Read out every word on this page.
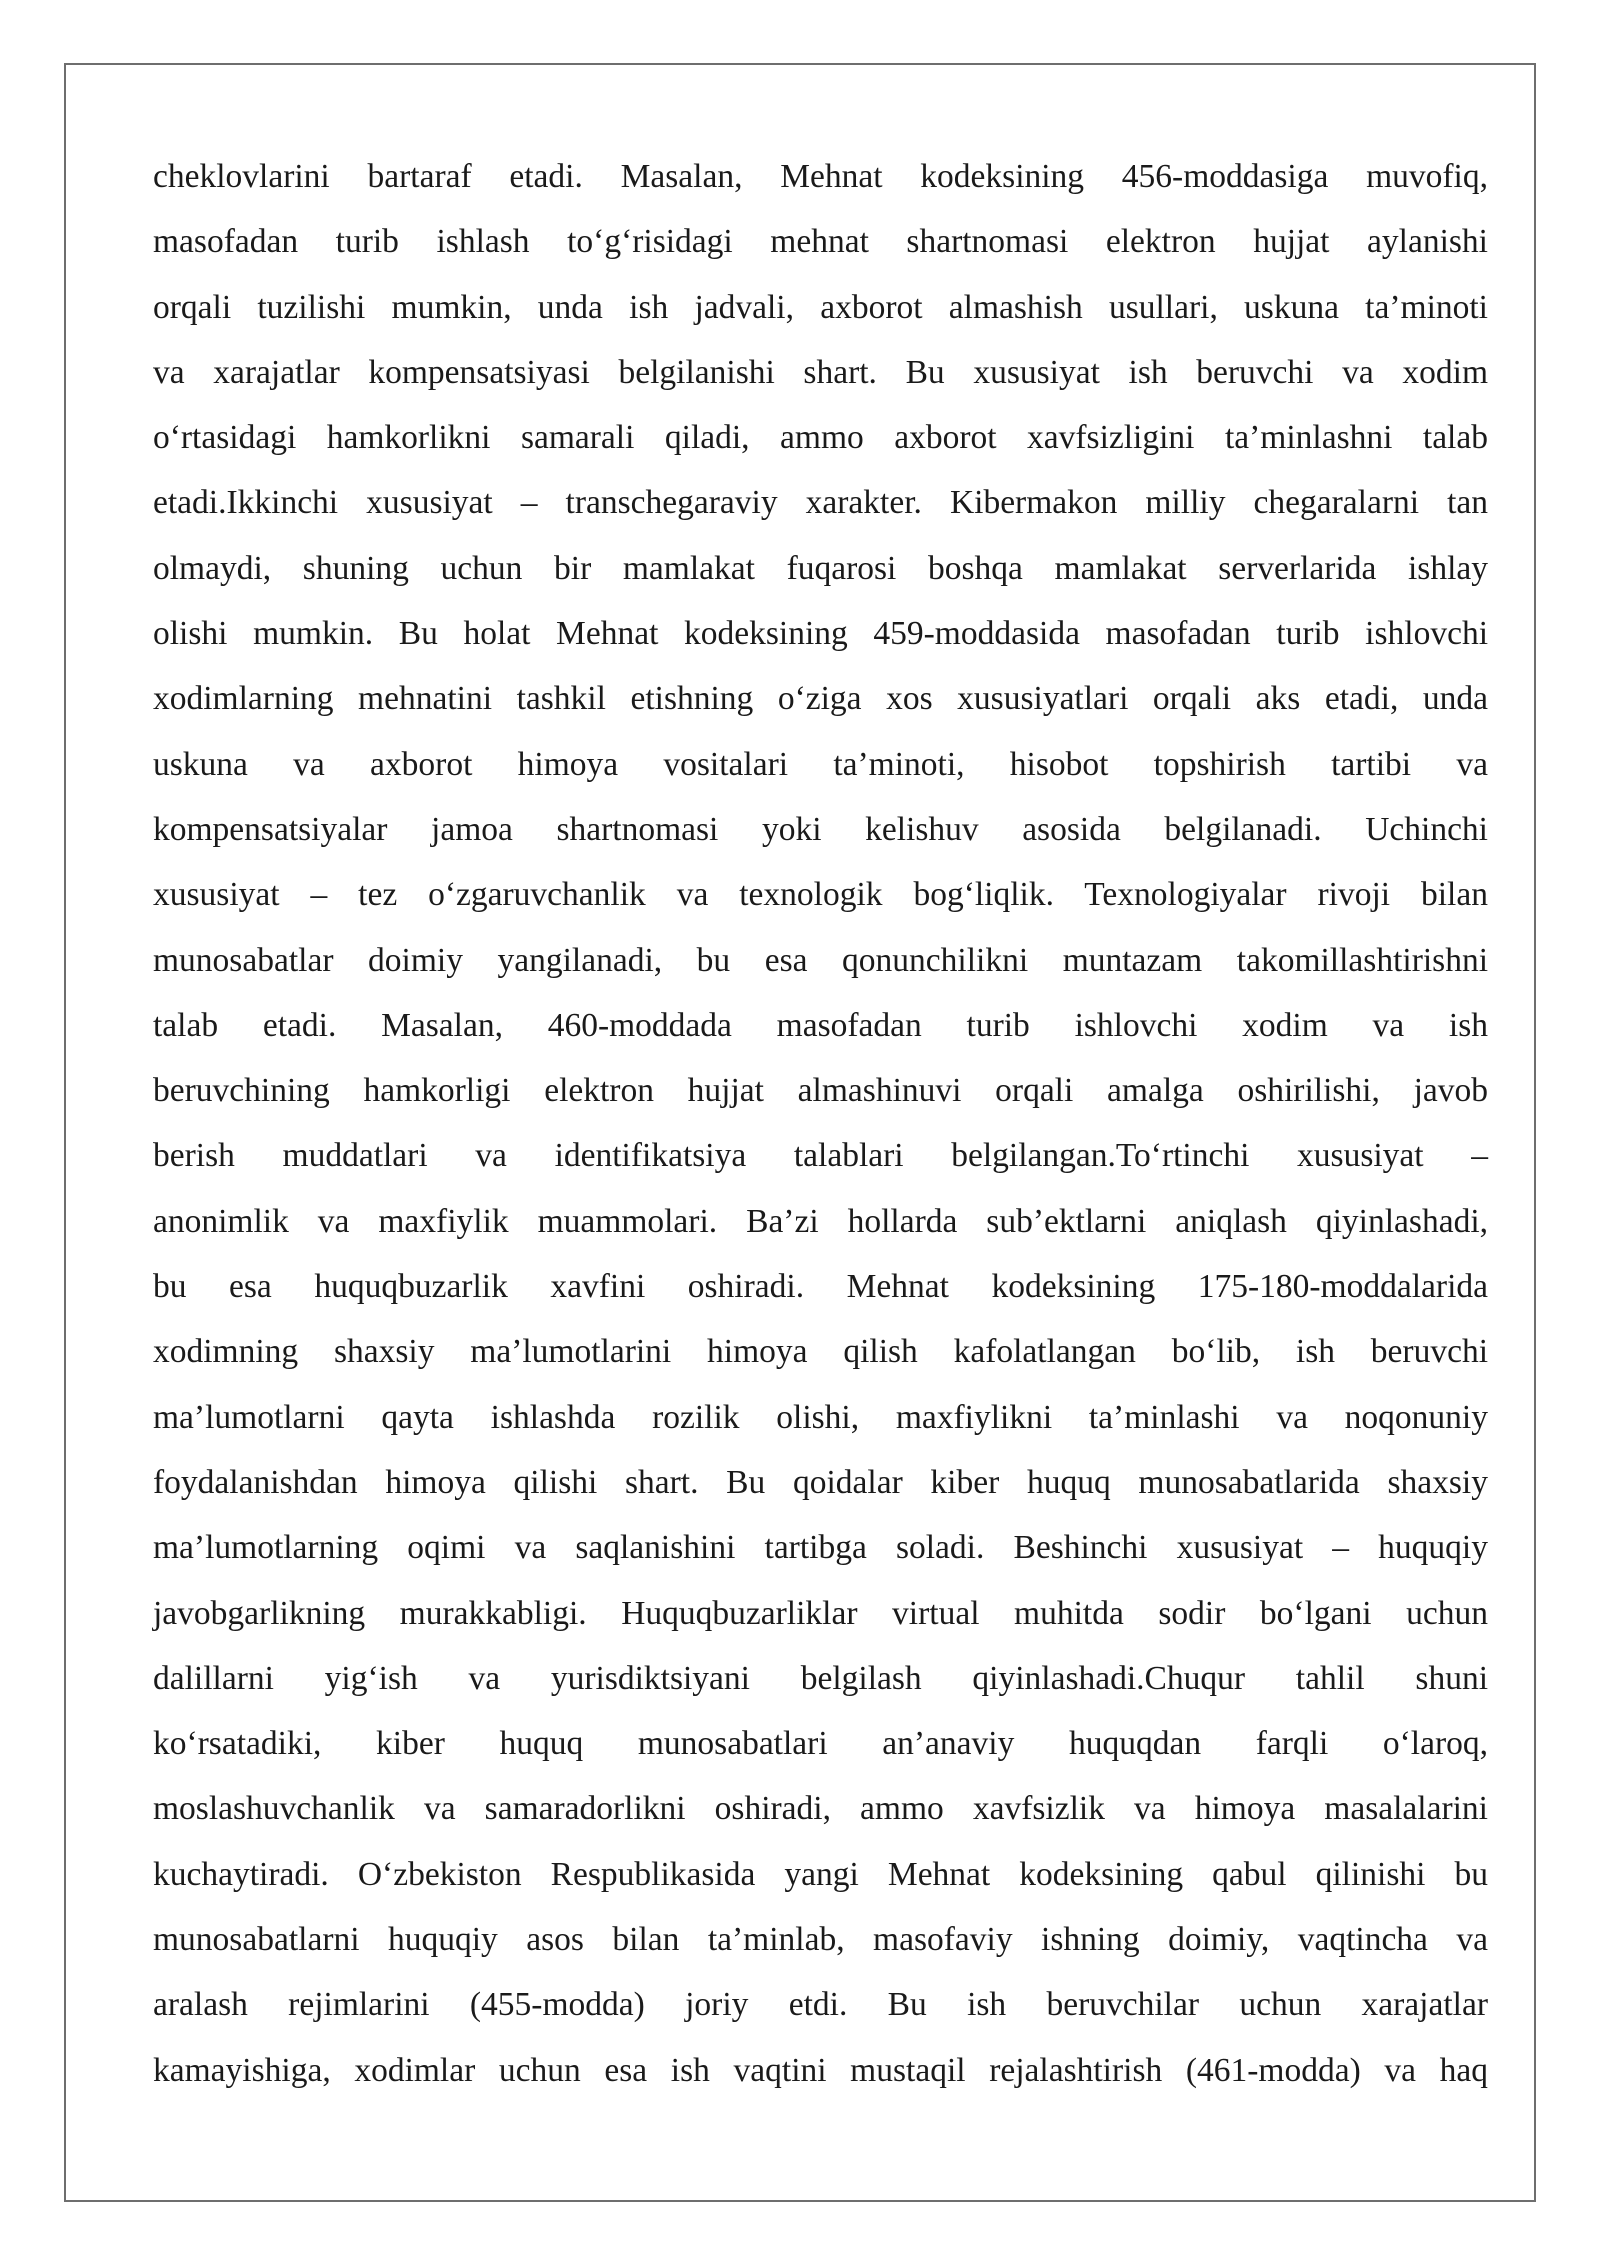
cheklovlarini bartaraf etadi. Masalan, Mehnat kodeksining 456-moddasiga muvofiq,
masofadan turib ishlash to‘g‘risidagi mehnat shartnomasi elektron hujjat aylanishi
orqali tuzilishi mumkin, unda ish jadvali, axborot almashish usullari, uskuna ta’minoti
va xarajatlar kompensatsiyasi belgilanishi shart. Bu xususiyat ish beruvchi va xodim
o‘rtasidagi hamkorlikni samarali qiladi, ammo axborot xavfsizligini ta’minlashni talab
etadi.Ikkinchi xususiyat – transchegaraviy xarakter. Kibermakon milliy chegaralarni tan
olmaydi, shuning uchun bir mamlakat fuqarosi boshqa mamlakat serverlarida ishlay
olishi mumkin. Bu holat Mehnat kodeksining 459-moddasida masofadan turib ishlovchi
xodimlarning mehnatini tashkil etishning o‘ziga xos xususiyatlari orqali aks etadi, unda
uskuna va axborot himoya vositalari ta’minoti, hisobot topshirish tartibi va
kompensatsiyalar jamoa shartnomasi yoki kelishuv asosida belgilanadi. Uchinchi
xususiyat – tez o‘zgaruvchanlik va texnologik bog‘liqlik. Texnologiyalar rivoji bilan
munosabatlar doimiy yangilanadi, bu esa qonunchilikni muntazam takomillashtirishni
talab etadi. Masalan, 460-moddada masofadan turib ishlovchi xodim va ish
beruvchining hamkorligi elektron hujjat almashinuvi orqali amalga oshirilishi, javob
berish muddatlari va identifikatsiya talablari belgilangan.To‘rtinchi xususiyat –
anonimlik va maxfiylik muammolari. Ba’zi hollarda sub’ektlarni aniqlash qiyinlashadi,
bu esa huquqbuzarlik xavfini oshiradi. Mehnat kodeksining 175-180-moddalarida
xodimning shaxsiy ma’lumotlarini himoya qilish kafolatlangan bo‘lib, ish beruvchi
ma’lumotlarni qayta ishlashda rozilik olishi, maxfiylikni ta’minlashi va noqonuniy
foydalanishdan himoya qilishi shart. Bu qoidalar kiber huquq munosabatlarida shaxsiy
ma’lumotlarning oqimi va saqlanishini tartibga soladi. Beshinchi xususiyat – huquqiy
javobgarlikning murakkabligi. Huquqbuzarliklar virtual muhitda sodir bo‘lgani uchun
dalillarni yig‘ish va yurisdiktsiyani belgilash qiyinlashadi.Chuqur tahlil shuni
ko‘rsatadiki, kiber huquq munosabatlari an’anaviy huquqdan farqli o‘laroq,
moslashuvchanlik va samaradorlikni oshiradi, ammo xavfsizlik va himoya masalalarini
kuchaytiradi. O‘zbekiston Respublikasida yangi Mehnat kodeksining qabul qilinishi bu
munosabatlarni huquqiy asos bilan ta’minlab, masofaviy ishning doimiy, vaqtincha va
aralash rejimlarini (455-modda) joriy etdi. Bu ish beruvchilar uchun xarajatlar
kamayishiga, xodimlar uchun esa ish vaqtini mustaqil rejalashtirish (461-modda) va haq
